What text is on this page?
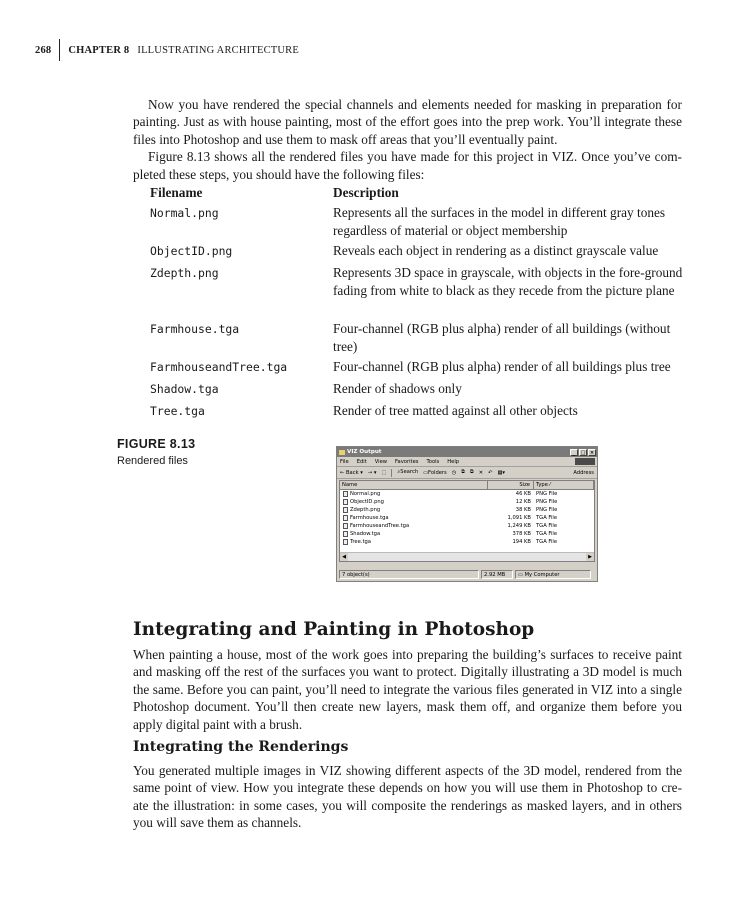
268 CHAPTER 8 ILLUSTRATING ARCHITECTURE

Now you have rendered the special channels and elements needed for masking in preparation for painting. Just as with house painting, most of the effort goes into the prep work. You’ll integrate these files into Photoshop and use them to mask off areas that you’ll eventually paint.

Figure 8.13 shows all the rendered files you have made for this project in VIZ. Once you’ve com-pleted these steps, you should have the following files:

Filename	Description
Normal.png	Represents all the surfaces in the model in different gray tones regardless of material or object membership
ObjectID.png	Reveals each object in rendering as a distinct grayscale value
Zdepth.png	Represents 3D space in grayscale, with objects in the fore-ground fading from white to black as they recede from the picture plane
Farmhouse.tga	Four-channel (RGB plus alpha) render of all buildings (without tree)
FarmhouseandTree.tga	Four-channel (RGB plus alpha) render of all buildings plus tree
Shadow.tga	Render of shadows only
Tree.tga	Render of tree matted against all other objects
FIGURE 8.13
Rendered files
VIZ Output	_	□ ×
File Edit View Favorites Tools Help
← Back ▾ → ▾ ⬚ ⌕Search ▭Folders ◷ ⧉ ⧉ ✕ ↶ ▦▾	Address
Name	Size	Type ⁄
Normal.png	46 KB PNG File
ObjectID.png	12 KB PNG File
Zdepth.png	38 KB PNG File
Farmhouse.tga	1,091 KB TGA File
FarmhouseandTree.tga	1,249 KB TGA File
Shadow.tga	378 KB TGA File
Tree.tga	194 KB TGA File
◀	▶
7 object(s)	2.92 MB	▭ My Computer
Integrating and Painting in Photoshop

When painting a house, most of the work goes into preparing the building’s surfaces to receive paint and masking off the rest of the surfaces you want to protect. Digitally illustrating a 3D model is much the same. Before you can paint, you’ll need to integrate the various files generated in VIZ into a single Photoshop document. You’ll then create new layers, mask them off, and organize them before you apply digital paint with a brush.

Integrating the Renderings

You generated multiple images in VIZ showing different aspects of the 3D model, rendered from the same point of view. How you integrate these depends on how you will use them in Photoshop to cre-ate the illustration: in some cases, you will composite the renderings as masked layers, and in others you will save them as channels.
